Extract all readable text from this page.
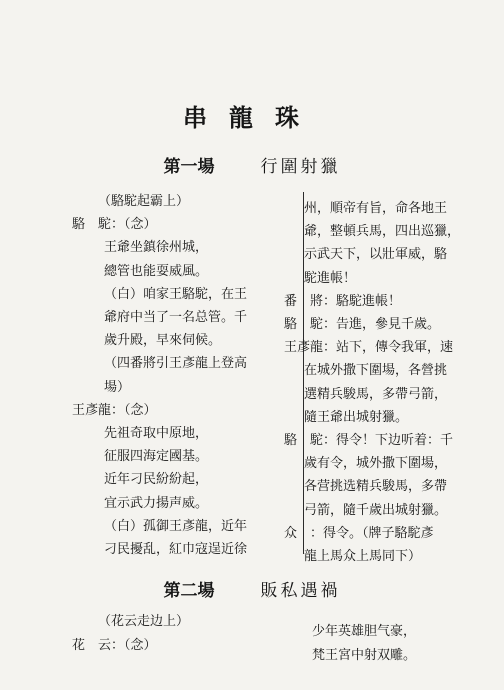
串龍珠
第一場	行圍射獵
（駱駝起霸上）
駱　駝：（念）
王爺坐鎮徐州城，
總管也能耍威風。
（白）咱家王駱駝，在王
爺府中当了一名总管。千
歲升殿，早來伺候。
（四番將引王彥龍上登高
場）
王彥龍：（念）
先祖奇取中原地，
征服四海定國基。
近年刁民紛紛起，
宜示武力揚声威。
（白）孤御王彥龍，近年
刁民擾乱，紅巾寇逞近徐
州，順帝有旨，命各地王
爺，整頓兵馬，四出巡獵，
示武天下，以壯軍威，駱
駝進帳！
番　將：駱駝進帳！
駱　駝：告進，參見千歲。
王彥龍：站下，傳令我軍，速
在城外撒下圍場，各營挑
選精兵駿馬，多帶弓箭，
隨王爺出城射獵。
駱　駝：得令！下边听着：千
歲有令，城外撒下圍場，
各营挑选精兵駿馬，多帶
弓箭，隨千歲出城射獵。
众　：得令。（牌子駱駝彥
龍上馬众上馬同下）
第二場	販私遇禍
（花云走边上）
花　云：（念）
少年英雄胆气豪，
梵王宮中射双雕。
